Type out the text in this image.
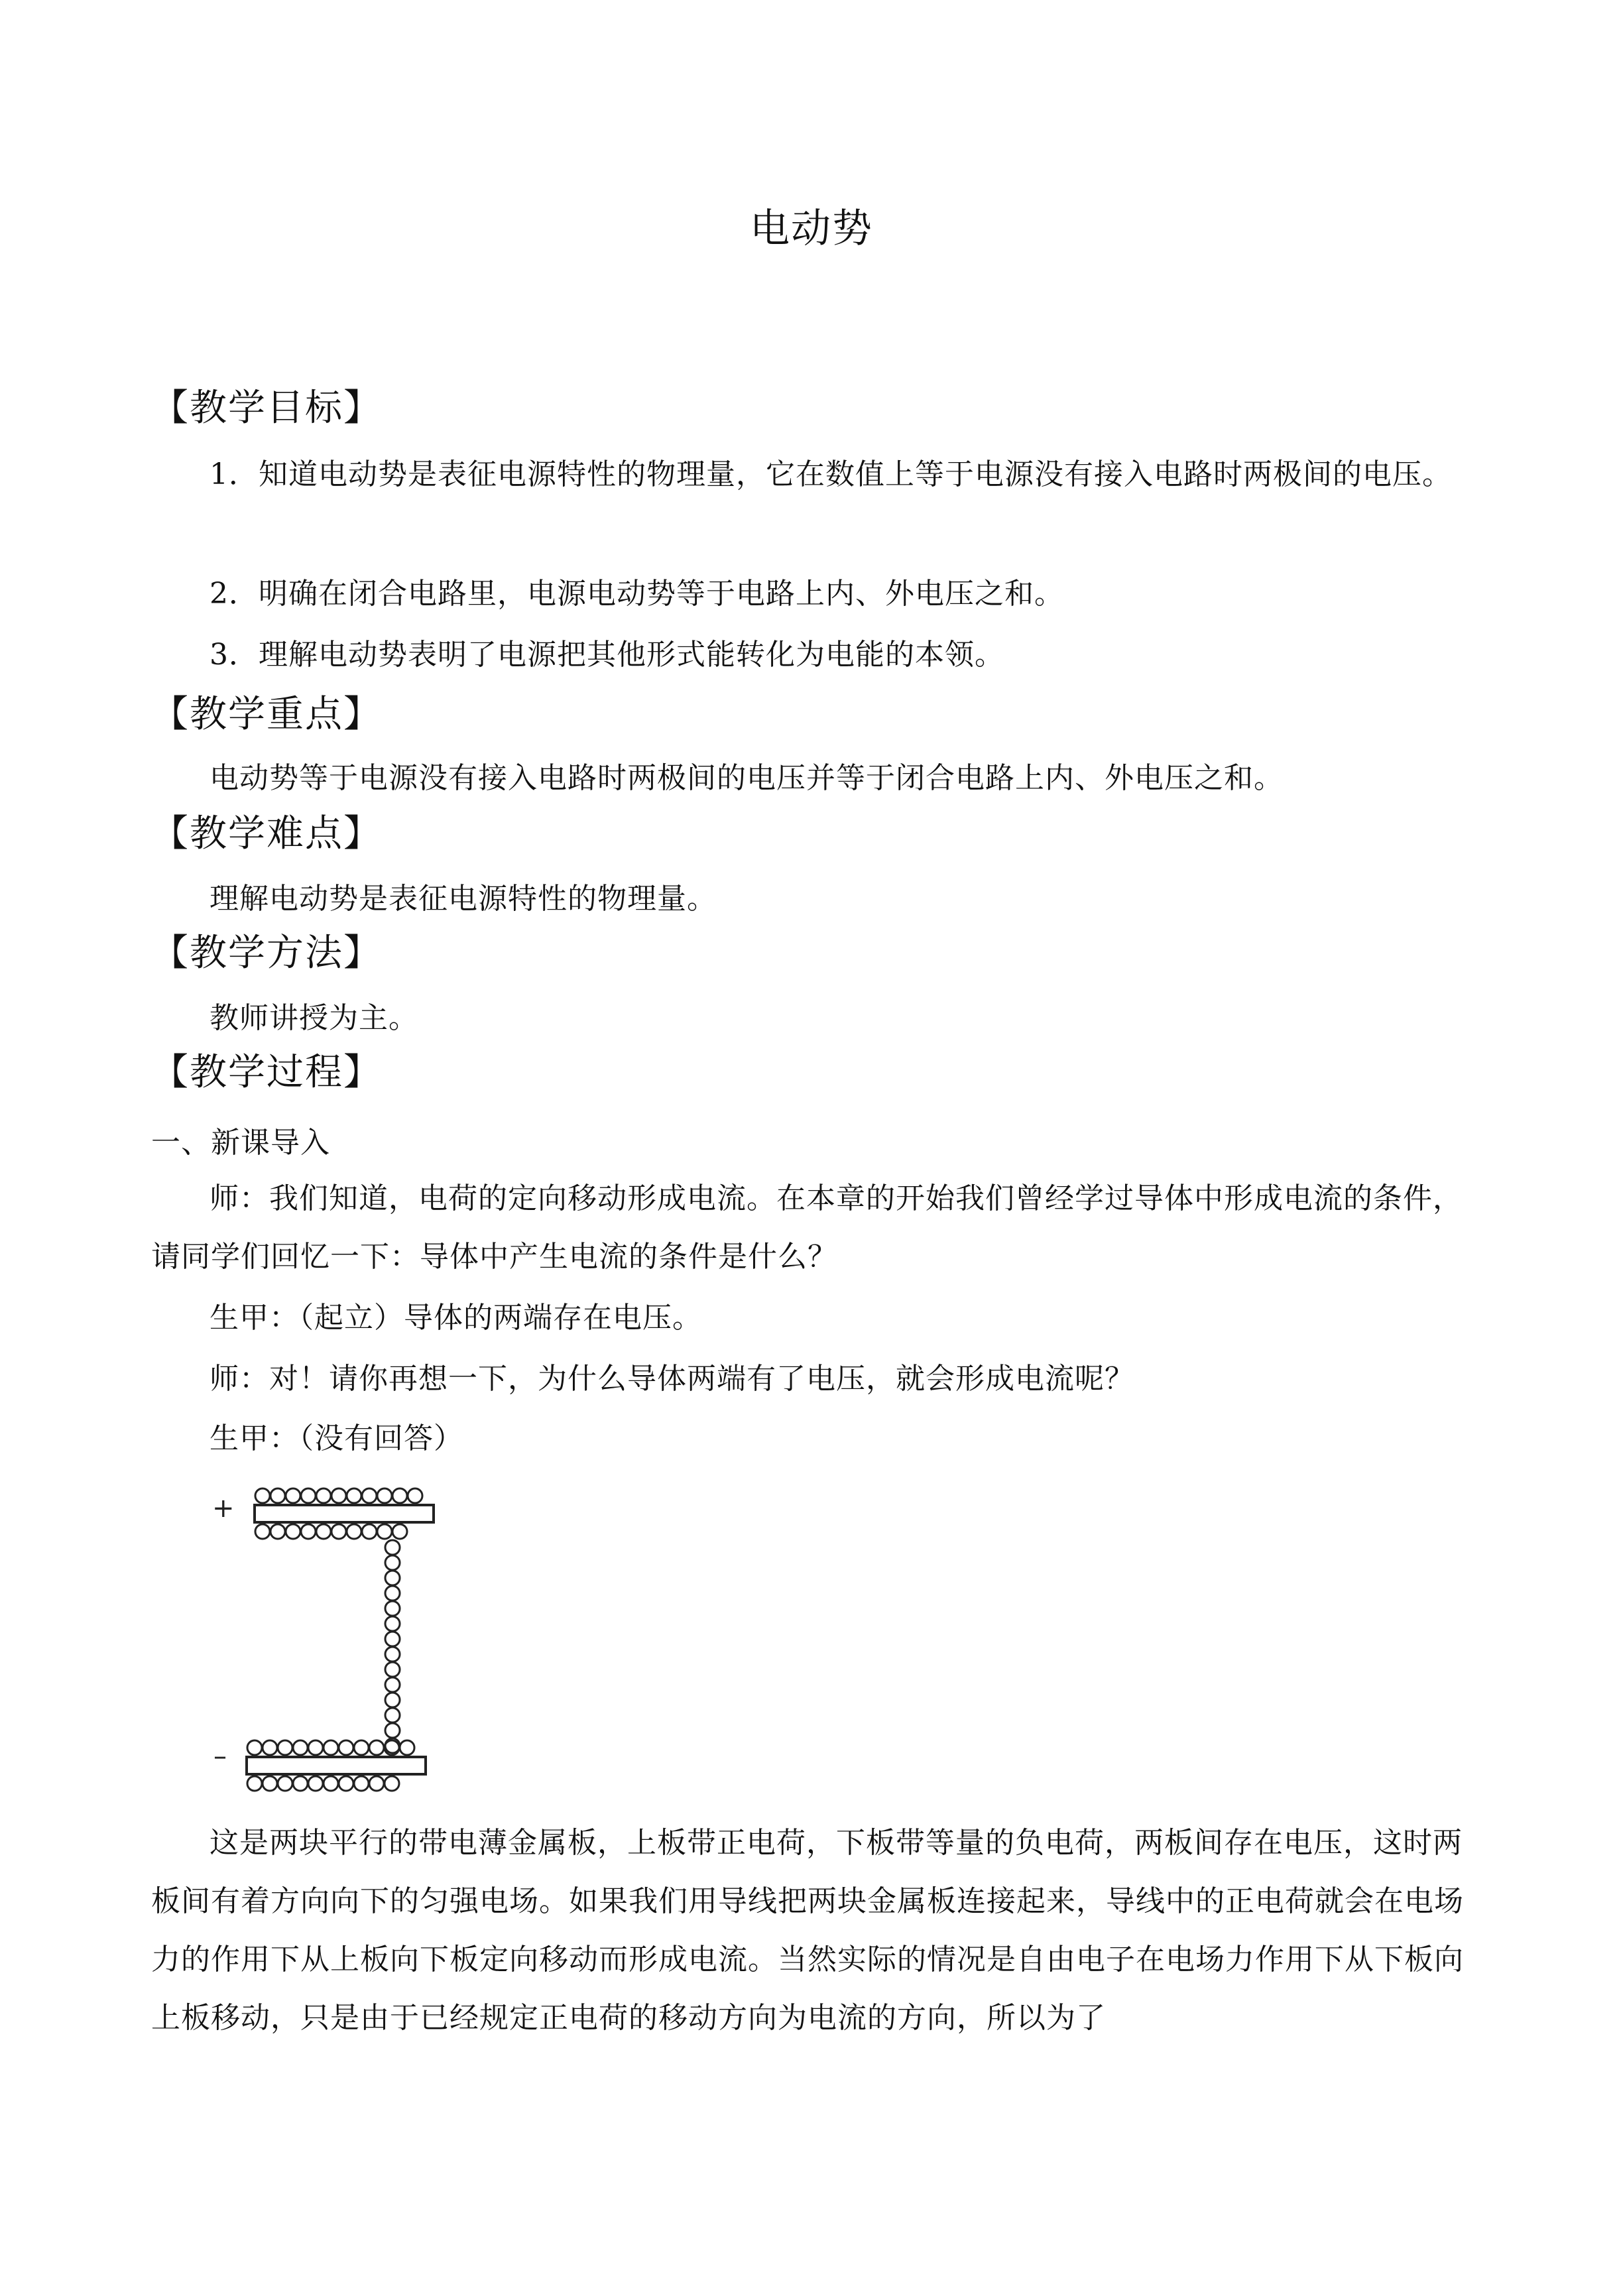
电动势
【教学目标】

1．知道电动势是表征电源特性的物理量，它在数值上等于电源没有接入电路时两极间的电压。

2．明确在闭合电路里，电源电动势等于电路上内、外电压之和。

3．理解电动势表明了电源把其他形式能转化为电能的本领。

【教学重点】

电动势等于电源没有接入电路时两极间的电压并等于闭合电路上内、外电压之和。

【教学难点】

理解电动势是表征电源特性的物理量。

【教学方法】

教师讲授为主。

【教学过程】
一、新课导入

师：我们知道，电荷的定向移动形成电流。在本章的开始我们曾经学过导体中形成电流的条件，请同学们回忆一下：导体中产生电流的条件是什么？

生甲：（起立）导体的两端存在电压。

师：对！请你再想一下，为什么导体两端有了电压，就会形成电流呢？

生甲：（没有回答）

+
–

这是两块平行的带电薄金属板，上板带正电荷，下板带等量的负电荷，两板间存在电压，这时两板间有着方向向下的匀强电场。如果我们用导线把两块金属板连接起来，导线中的正电荷就会在电场力的作用下从上板向下板定向移动而形成电流。当然实际的情况是自由电子在电场力作用下从下板向上板移动，只是由于已经规定正电荷的移动方向为电流的方向，所以为了
